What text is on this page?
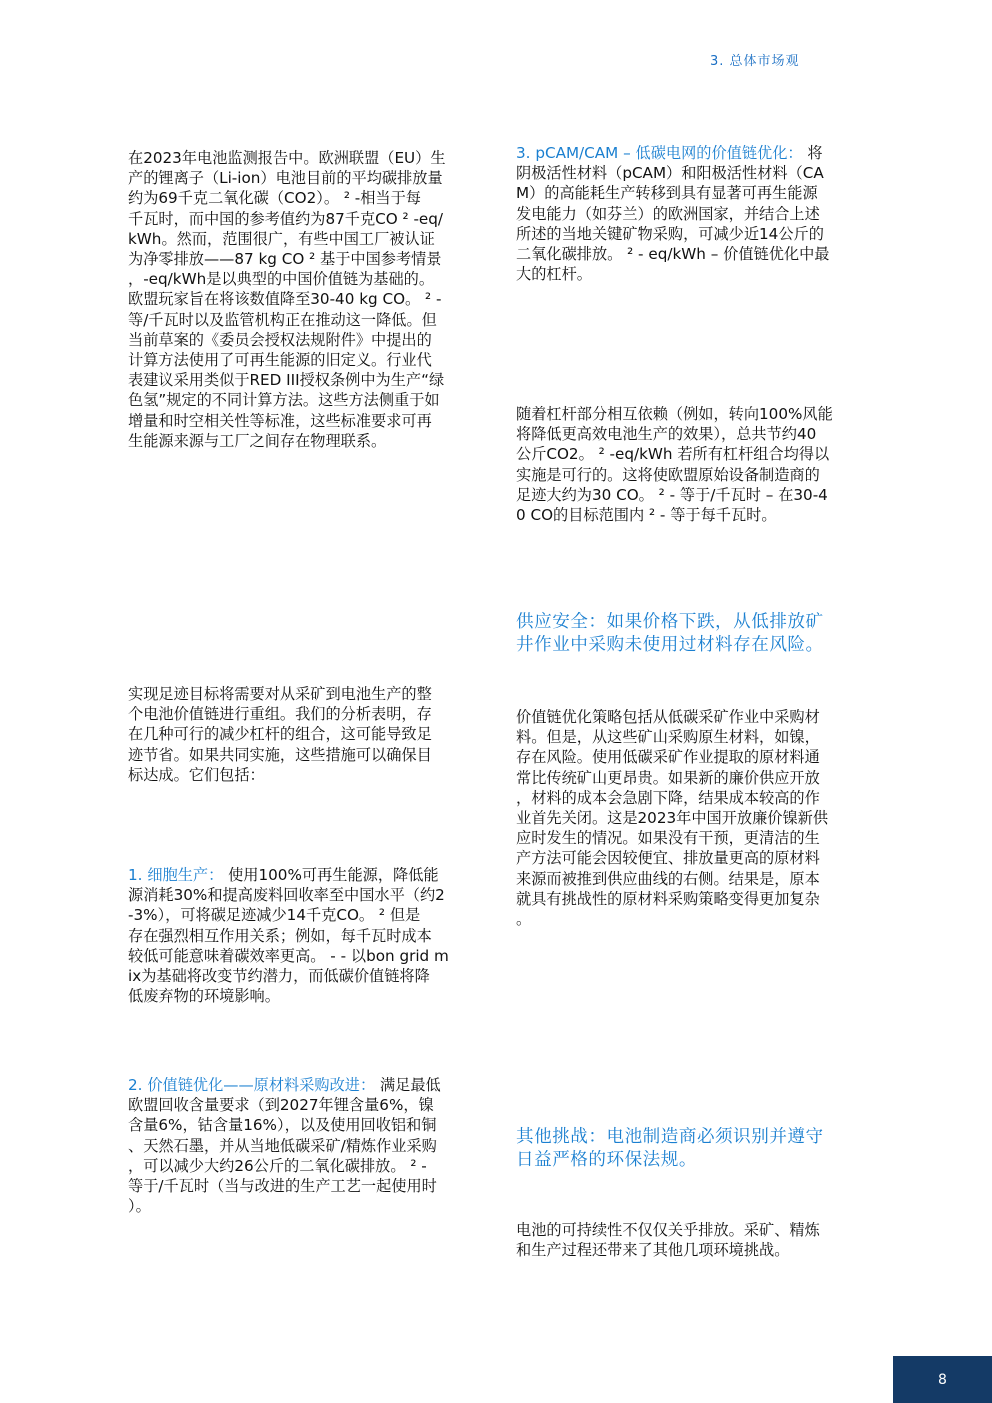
3. 总体市场观

在2023年电池监测报告中。欧洲联盟（EU）生
产的锂离子（Li-ion）电池目前的平均碳排放量
约为69千克二氧化碳（CO2）。 ² -相当于每
千瓦时，而中国的参考值约为87千克CO ² -eq/
kWh。然而，范围很广，有些中国工厂被认证
为净零排放——87 kg CO ² 基于中国参考情景
，-eq/kWh是以典型的中国价值链为基础的。
欧盟玩家旨在将该数值降至30-40 kg CO。 ² -
等/千瓦时以及监管机构正在推动这一降低。但
当前草案的《委员会授权法规附件》中提出的
计算方法使用了可再生能源的旧定义。行业代
表建议采用类似于RED III授权条例中为生产“绿
色氢”规定的不同计算方法。这些方法侧重于如
增量和时空相关性等标准，这些标准要求可再
生能源来源与工厂之间存在物理联系。

实现足迹目标将需要对从采矿到电池生产的整
个电池价值链进行重组。我们的分析表明，存
在几种可行的减少杠杆的组合，这可能导致足
迹节省。如果共同实施，这些措施可以确保目
标达成。它们包括：

1. 细胞生产： 使用100%可再生能源，降低能
源消耗30%和提高废料回收率至中国水平（约2
-3%），可将碳足迹减少14千克CO。 ² 但是
存在强烈相互作用关系；例如，每千瓦时成本
较低可能意味着碳效率更高。 - - 以bon grid m
ix为基础将改变节约潜力，而低碳价值链将降
低废弃物的环境影响。

2. 价值链优化——原材料采购改进： 满足最低
欧盟回收含量要求（到2027年锂含量6%，镍
含量6%，钴含量16%），以及使用回收铝和铜
、天然石墨，并从当地低碳采矿/精炼作业采购
，可以减少大约26公斤的二氧化碳排放。 ² -
等于/千瓦时（当与改进的生产工艺一起使用时
）。

3. pCAM/CAM – 低碳电网的价值链优化： 将
阴极活性材料（pCAM）和阳极活性材料（CA
M）的高能耗生产转移到具有显著可再生能源
发电能力（如芬兰）的欧洲国家，并结合上述
所述的当地关键矿物采购，可减少近14公斤的
二氧化碳排放。 ² - eq/kWh – 价值链优化中最
大的杠杆。

随着杠杆部分相互依赖（例如，转向100%风能
将降低更高效电池生产的效果），总共节约40
公斤CO2。 ² -eq/kWh 若所有杠杆组合均得以
实施是可行的。这将使欧盟原始设备制造商的
足迹大约为30 CO。 ² - 等于/千瓦时 – 在30-4
0 CO的目标范围内 ² - 等于每千瓦时。

供应安全：如果价格下跌，从低排放矿
井作业中采购未使用过材料存在风险。

价值链优化策略包括从低碳采矿作业中采购材
料。但是，从这些矿山采购原生材料，如镍，
存在风险。使用低碳采矿作业提取的原材料通
常比传统矿山更昂贵。如果新的廉价供应开放
，材料的成本会急剧下降，结果成本较高的作
业首先关闭。这是2023年中国开放廉价镍新供
应时发生的情况。如果没有干预，更清洁的生
产方法可能会因较便宜、排放量更高的原材料
来源而被推到供应曲线的右侧。结果是，原本
就具有挑战性的原材料采购策略变得更加复杂
。

其他挑战：电池制造商必须识别并遵守
日益严格的环保法规。

电池的可持续性不仅仅关乎排放。采矿、精炼
和生产过程还带来了其他几项环境挑战。

8
